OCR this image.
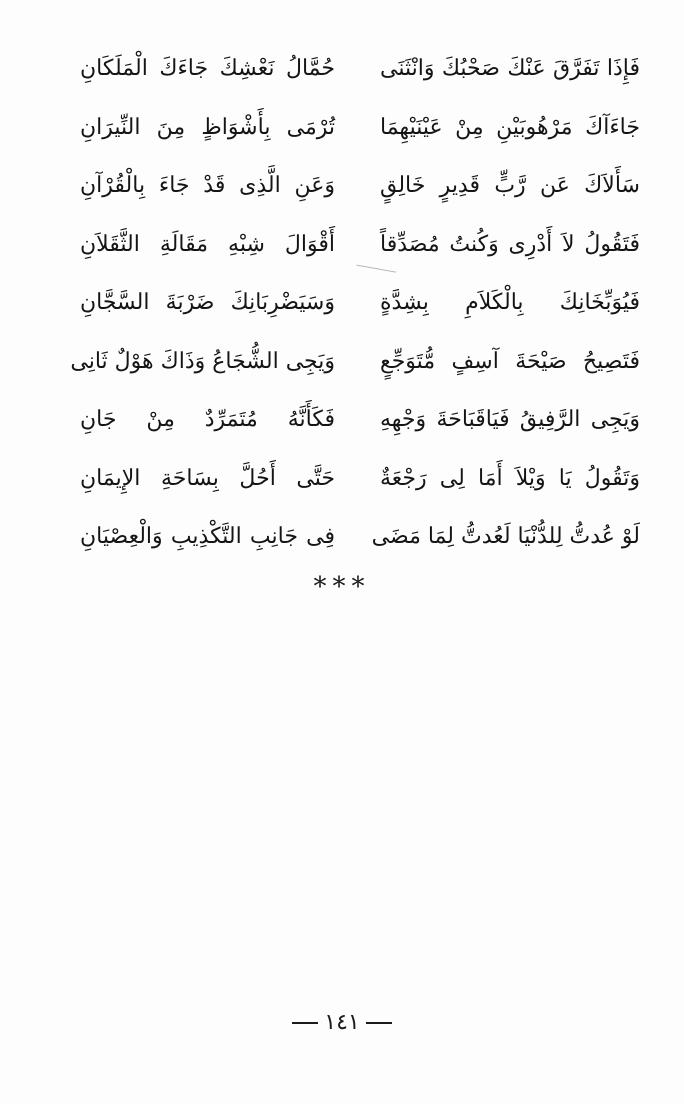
فَإِذَا تَفَرَّقَ عَنْكَ صَحْبُكَ وَانْثَنَى
حُمَّالُ نَعْشِكَ جَاءَكَ الْمَلَكَانِ
جَاءَآكَ مَرْهُوبَيْنِ مِنْ عَيْنَيْهِمَا
تُرْمَى بِأَشْوَاظٍ مِنَ النِّيرَانِ
سَأَلاَكَ عَن رَّبٍّ قَدِيرٍ خَالِقٍ
وَعَنِ الَّذِى قَدْ جَاءَ بِالْقُرْآنِ
فَتَقُولُ لاَ أَدْرِى وَكُنتُ مُصَدِّقاً
أَقْوَالَ شِبْهِ مَقَالَةِ الثَّقَلاَنِ
فَيُوَبِّخَانِكَ بِالْكَلاَمِ بِشِدَّةٍ
وَسَيَضْرِبَانِكَ ضَرْبَةَ السَّجَّانِ
فَتَصِيحُ صَيْحَةَ آسِفٍ مُّتَوَجِّعٍ
وَيَجِى الشُّجَاعُ وَذَاكَ هَوْلٌ ثَانِى
وَيَجِى الرَّفِيقُ فَيَاقَبَاحَةَ وَجْهِهِ
فَكَأَنَّهُ مُتَمَرِّدٌ مِنْ جَانِ
وَتَقُولُ يَا وَيْلاَ أَمَا لِى رَجْعَةٌ
حَتَّى أَحُلَّ بِسَاحَةِ الإِيمَانِ
لَوْ عُدتُّ لِلدُّنْيَا لَعُدتُّ لِمَا مَضَى
فِى جَانِبِ التَّكْذِيبِ وَالْعِصْيَانِ
***
١٤١
